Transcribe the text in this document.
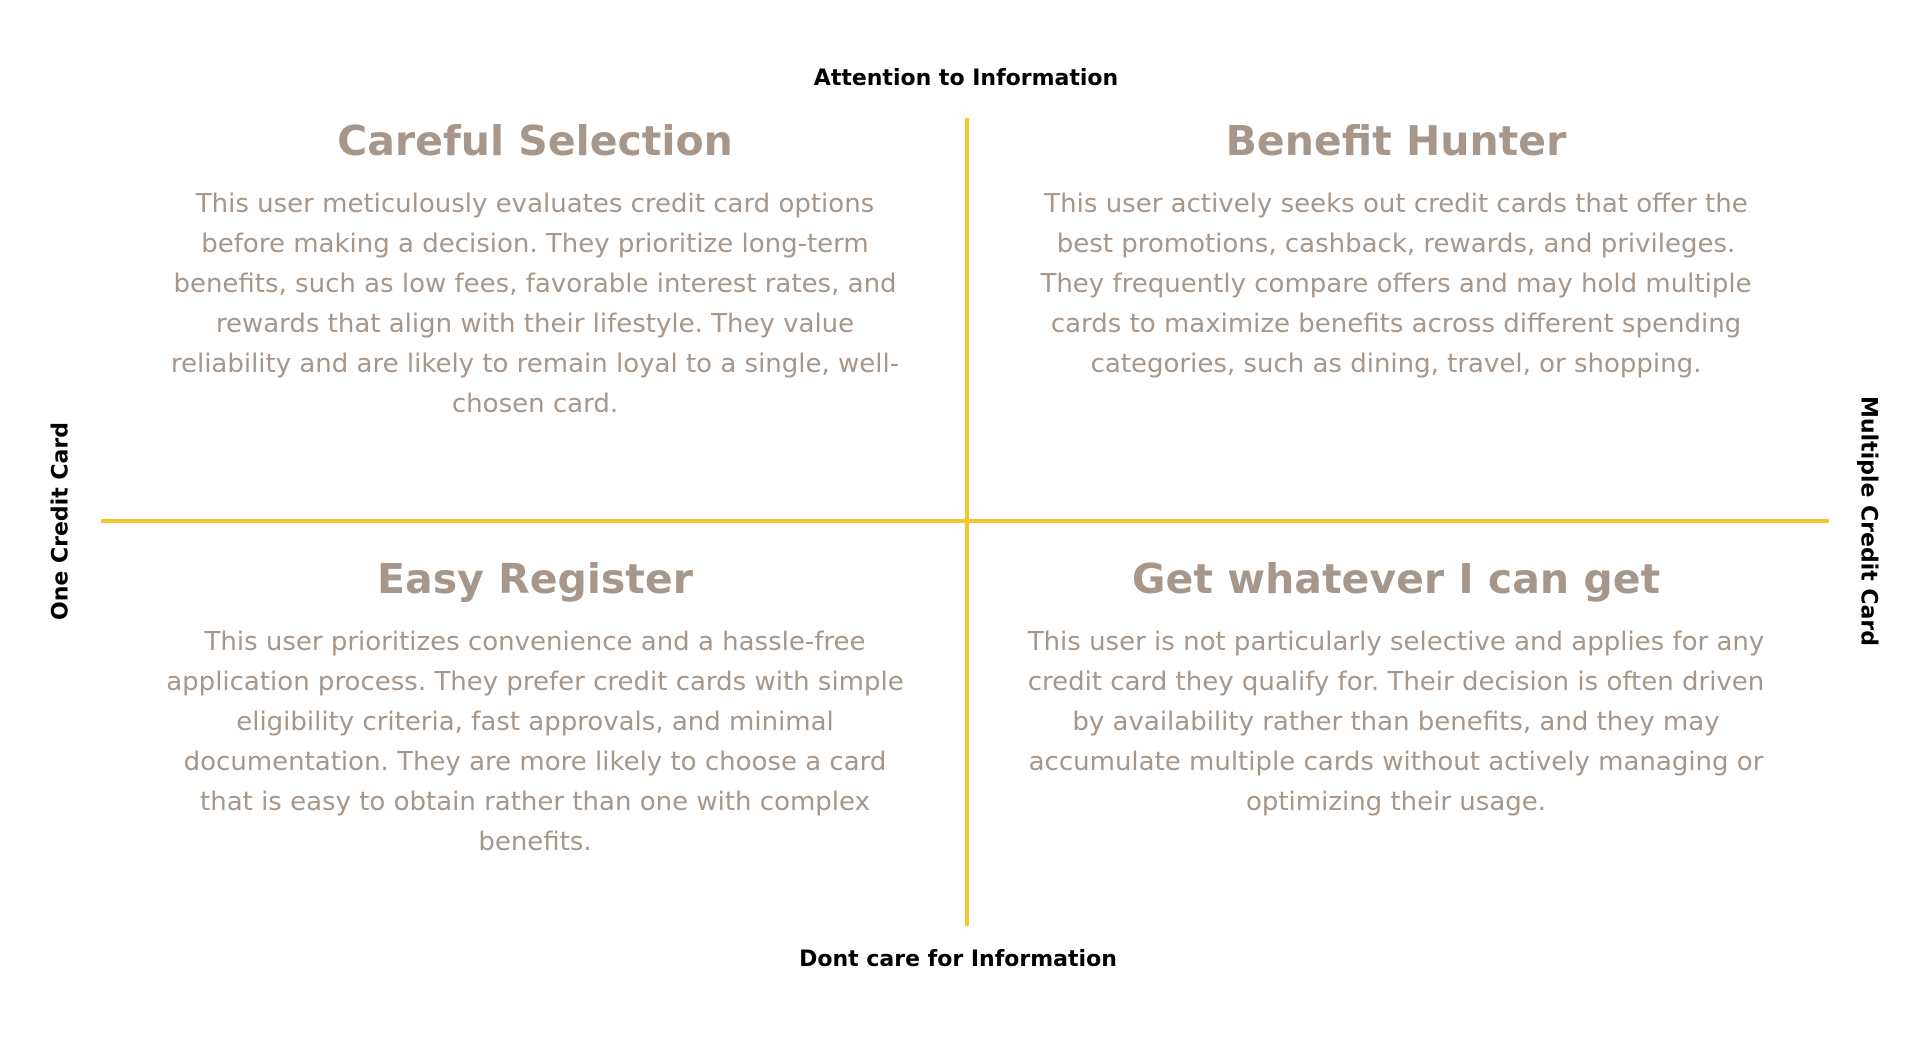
Attention to Information
Dont care for Information
One Credit Card	Multiple Credit Card
Careful Selection

This user meticulously evaluates credit card options before making a decision. They prioritize long-term benefits, such as low fees, favorable interest rates, and rewards that align with their lifestyle. They value reliability and are likely to remain loyal to a single, well-chosen card.

Benefit Hunter

This user actively seeks out credit cards that offer the best promotions, cashback, rewards, and privileges. They frequently compare offers and may hold multiple cards to maximize benefits across different spending categories, such as dining, travel, or shopping.

Easy Register

This user prioritizes convenience and a hassle-free application process. They prefer credit cards with simple eligibility criteria, fast approvals, and minimal documentation. They are more likely to choose a card that is easy to obtain rather than one with complex benefits.

Get whatever I can get

This user is not particularly selective and applies for any credit card they qualify for. Their decision is often driven by availability rather than benefits, and they may accumulate multiple cards without actively managing or optimizing their usage.
